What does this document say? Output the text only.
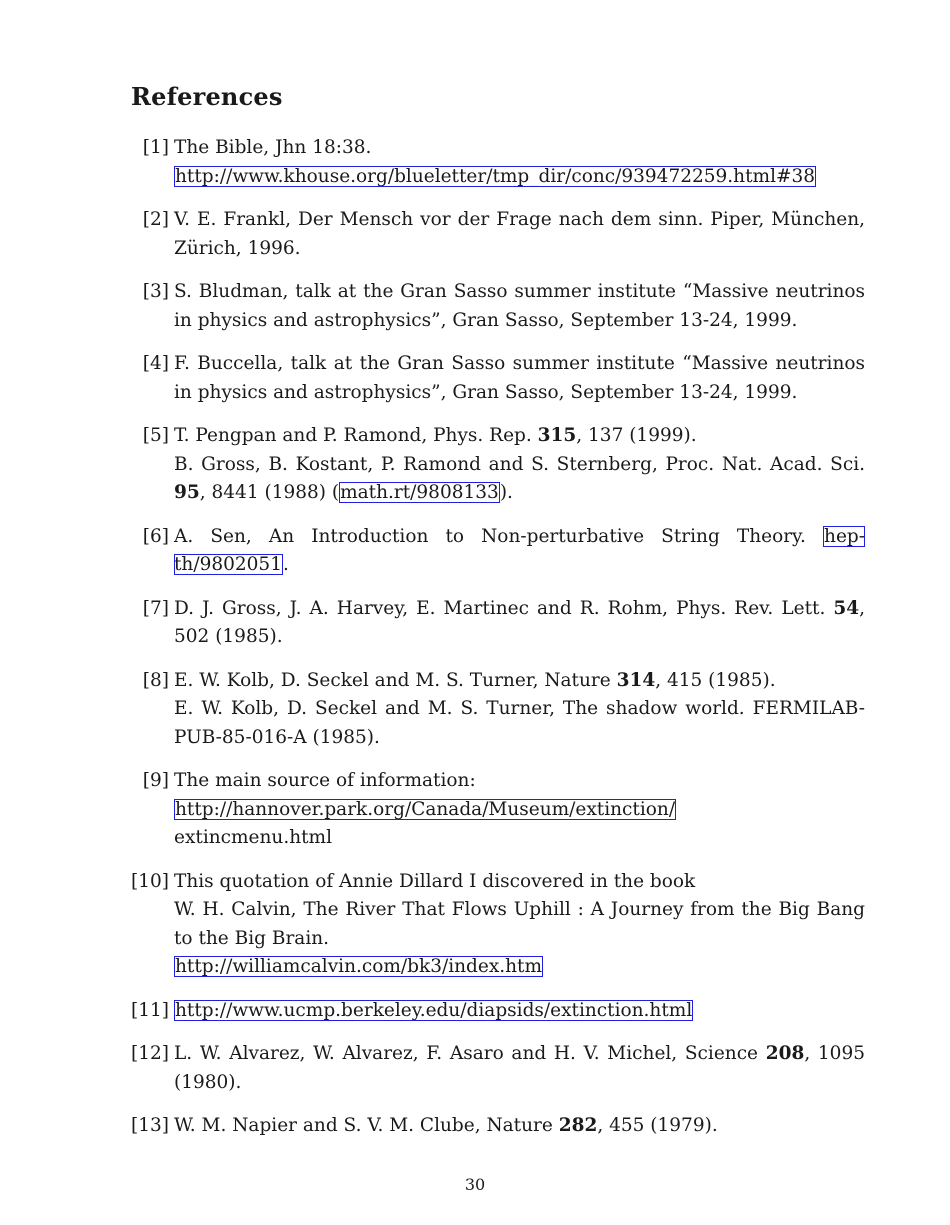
References
[1] The Bible, Jhn 18:38.
http://www.khouse.org/blueletter/tmp_dir/conc/939472259.html#38
[2] V. E. Frankl, Der Mensch vor der Frage nach dem sinn. Piper, München, Zürich, 1996.
[3] S. Bludman, talk at the Gran Sasso summer institute “Massive neutrinos in physics and astrophysics”, Gran Sasso, September 13-24, 1999.
[4] F. Buccella, talk at the Gran Sasso summer institute “Massive neutrinos in physics and astrophysics”, Gran Sasso, September 13-24, 1999.
[5] T. Pengpan and P. Ramond, Phys. Rep. 315, 137 (1999).
B. Gross, B. Kostant, P. Ramond and S. Sternberg, Proc. Nat. Acad. Sci. 95, 8441 (1988) (math.rt/9808133).
[6] A. Sen, An Introduction to Non-perturbative String Theory. hep-th/9802051.
[7] D. J. Gross, J. A. Harvey, E. Martinec and R. Rohm, Phys. Rev. Lett. 54, 502 (1985).
[8] E. W. Kolb, D. Seckel and M. S. Turner, Nature 314, 415 (1985).
E. W. Kolb, D. Seckel and M. S. Turner, The shadow world. FERMILAB-PUB-85-016-A (1985).
[9] The main source of information:
http://hannover.park.org/Canada/Museum/extinction/
extincmenu.html
[10] This quotation of Annie Dillard I discovered in the book
W. H. Calvin, The River That Flows Uphill : A Journey from the Big Bang to the Big Brain.
http://williamcalvin.com/bk3/index.htm
[11] http://www.ucmp.berkeley.edu/diapsids/extinction.html
[12] L. W. Alvarez, W. Alvarez, F. Asaro and H. V. Michel, Science 208, 1095 (1980).
[13] W. M. Napier and S. V. M. Clube, Nature 282, 455 (1979).
30
